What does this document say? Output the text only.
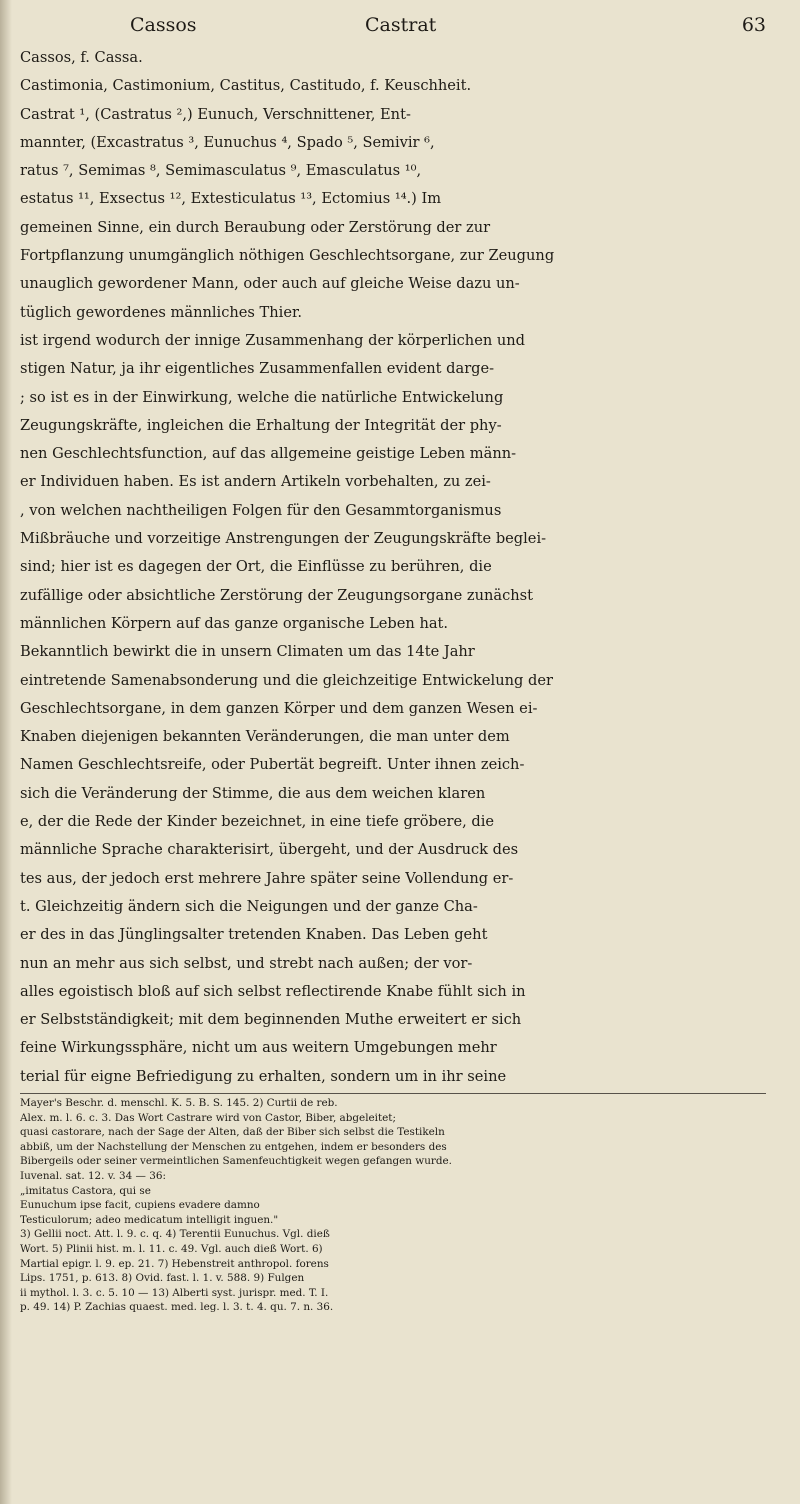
Cassos	Castrat	63
Cassos, f. Cassa.
Castimonia, Castimonium, Castitus, Castitudo, f. Keuschheit.
Castrat ¹, (Castratus ²,) Eunuch, Verschnittener, Ent-
mannter, (Excastratus ³, Eunuchus ⁴, Spado ⁵, Semivir ⁶,
ratus ⁷, Semimas ⁸, Semimasculatus ⁹, Emasculatus ¹⁰,
estatus ¹¹, Exsectus ¹², Extesticulatus ¹³, Ectomius ¹⁴.) Im
gemeinen Sinne, ein durch Beraubung oder Zerstörung der zur
Fortpflanzung unumgänglich nöthigen Geschlechtsorgane, zur Zeugung
unauglich gewordener Mann, oder auch auf gleiche Weise dazu un-
tüglich gewordenes männliches Thier.
ist irgend wodurch der innige Zusammenhang der körperlichen und
stigen Natur, ja ihr eigentliches Zusammenfallen evident darge-
; so ist es in der Einwirkung, welche die natürliche Entwickelung
Zeugungskräfte, ingleichen die Erhaltung der Integrität der phy-
nen Geschlechtsfunction, auf das allgemeine geistige Leben männ-
er Individuen haben. Es ist andern Artikeln vorbehalten, zu zei-
, von welchen nachtheiligen Folgen für den Gesammtorganismus
Mißbräuche und vorzeitige Anstrengungen der Zeugungskräfte beglei-
sind; hier ist es dagegen der Ort, die Einflüsse zu berühren, die
zufällige oder absichtliche Zerstörung der Zeugungsorgane zunächst
männlichen Körpern auf das ganze organische Leben hat.
Bekanntlich bewirkt die in unsern Climaten um das 14te Jahr
eintretende Samenabsonderung und die gleichzeitige Entwickelung der
Geschlechtsorgane, in dem ganzen Körper und dem ganzen Wesen ei-
Knaben diejenigen bekannten Veränderungen, die man unter dem
Namen Geschlechtsreife, oder Pubertät begreift. Unter ihnen zeich-
sich die Veränderung der Stimme, die aus dem weichen klaren
e, der die Rede der Kinder bezeichnet, in eine tiefe gröbere, die
männliche Sprache charakterisirt, übergeht, und der Ausdruck des
tes aus, der jedoch erst mehrere Jahre später seine Vollendung er-
t. Gleichzeitig ändern sich die Neigungen und der ganze Cha-
er des in das Jünglingsalter tretenden Knaben. Das Leben geht
nun an mehr aus sich selbst, und strebt nach außen; der vor-
alles egoistisch bloß auf sich selbst reflectirende Knabe fühlt sich in
er Selbstständigkeit; mit dem beginnenden Muthe erweitert er sich
feine Wirkungssphäre, nicht um aus weitern Umgebungen mehr
terial für eigne Befriedigung zu erhalten, sondern um in ihr seine
Mayer's Beschr. d. menschl. K. 5. B. S. 145. 2) Curtii de reb.
Alex. m. l. 6. c. 3. Das Wort Castrare wird von Castor, Biber, abgeleitet;
quasi castorare, nach der Sage der Alten, daß der Biber sich selbst die Testikeln
abbiß, um der Nachstellung der Menschen zu entgehen, indem er besonders des
Bibergeils oder seiner vermeintlichen Samenfeuchtigkeit wegen gefangen wurde.
Iuvenal. sat. 12. v. 34 — 36:
„imitatus Castora, qui se
Eunuchum ipse facit, cupiens evadere damno
Testiculorum; adeo medicatum intelligit inguen."
3) Gellii noct. Att. l. 9. c. q. 4) Terentii Eunuchus. Vgl. dieß
Wort. 5) Plinii hist. m. l. 11. c. 49. Vgl. auch dieß Wort. 6)
Martial epigr. l. 9. ep. 21. 7) Hebenstreit anthropol. forens
Lips. 1751, p. 613. 8) Ovid. fast. l. 1. v. 588. 9) Fulgen
ii mythol. l. 3. c. 5. 10 — 13) Alberti syst. jurispr. med. T. I.
p. 49. 14) P. Zachias quaest. med. leg. l. 3. t. 4. qu. 7. n. 36.
